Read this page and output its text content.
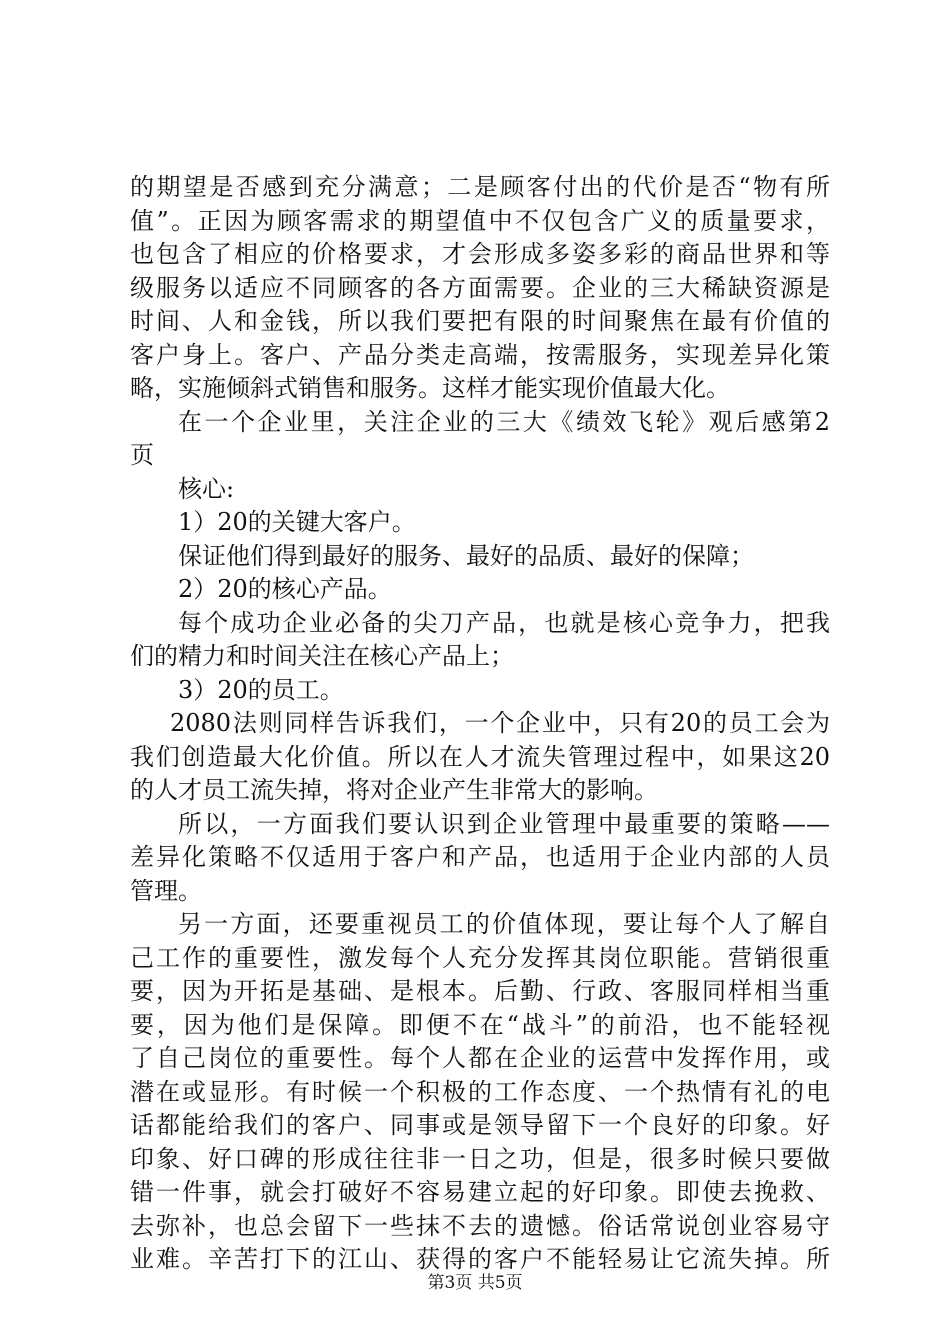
的期望是否感到充分满意；二是顾客付出的代价是否“物有所
值”。正因为顾客需求的期望值中不仅包含广义的质量要求，
也包含了相应的价格要求，才会形成多姿多彩的商品世界和等
级服务以适应不同顾客的各方面需要。企业的三大稀缺资源是
时间、人和金钱，所以我们要把有限的时间聚焦在最有价值的
客户身上。客户、产品分类走高端，按需服务，实现差异化策
略，实施倾斜式销售和服务。这样才能实现价值最大化。
在一个企业里，关注企业的三大《绩效飞轮》观后感第2
页
核心:
1）20的关键大客户。
保证他们得到最好的服务、最好的品质、最好的保障；
2）20的核心产品。
每个成功企业必备的尖刀产品，也就是核心竞争力，把我
们的精力和时间关注在核心产品上；
3）20的员工。
2080法则同样告诉我们，一个企业中，只有20的员工会为
我们创造最大化价值。所以在人才流失管理过程中，如果这20
的人才员工流失掉，将对企业产生非常大的影响。
所以，一方面我们要认识到企业管理中最重要的策略——
差异化策略不仅适用于客户和产品，也适用于企业内部的人员
管理。
另一方面，还要重视员工的价值体现，要让每个人了解自
己工作的重要性，激发每个人充分发挥其岗位职能。营销很重
要，因为开拓是基础、是根本。后勤、行政、客服同样相当重
要，因为他们是保障。即便不在“战斗”的前沿，也不能轻视
了自己岗位的重要性。每个人都在企业的运营中发挥作用，或
潜在或显形。有时候一个积极的工作态度、一个热情有礼的电
话都能给我们的客户、同事或是领导留下一个良好的印象。好
印象、好口碑的形成往往非一日之功，但是，很多时候只要做
错一件事，就会打破好不容易建立起的好印象。即使去挽救、
去弥补，也总会留下一些抹不去的遗憾。俗话常说创业容易守
业难。辛苦打下的江山、获得的客户不能轻易让它流失掉。所
第3页 共5页
